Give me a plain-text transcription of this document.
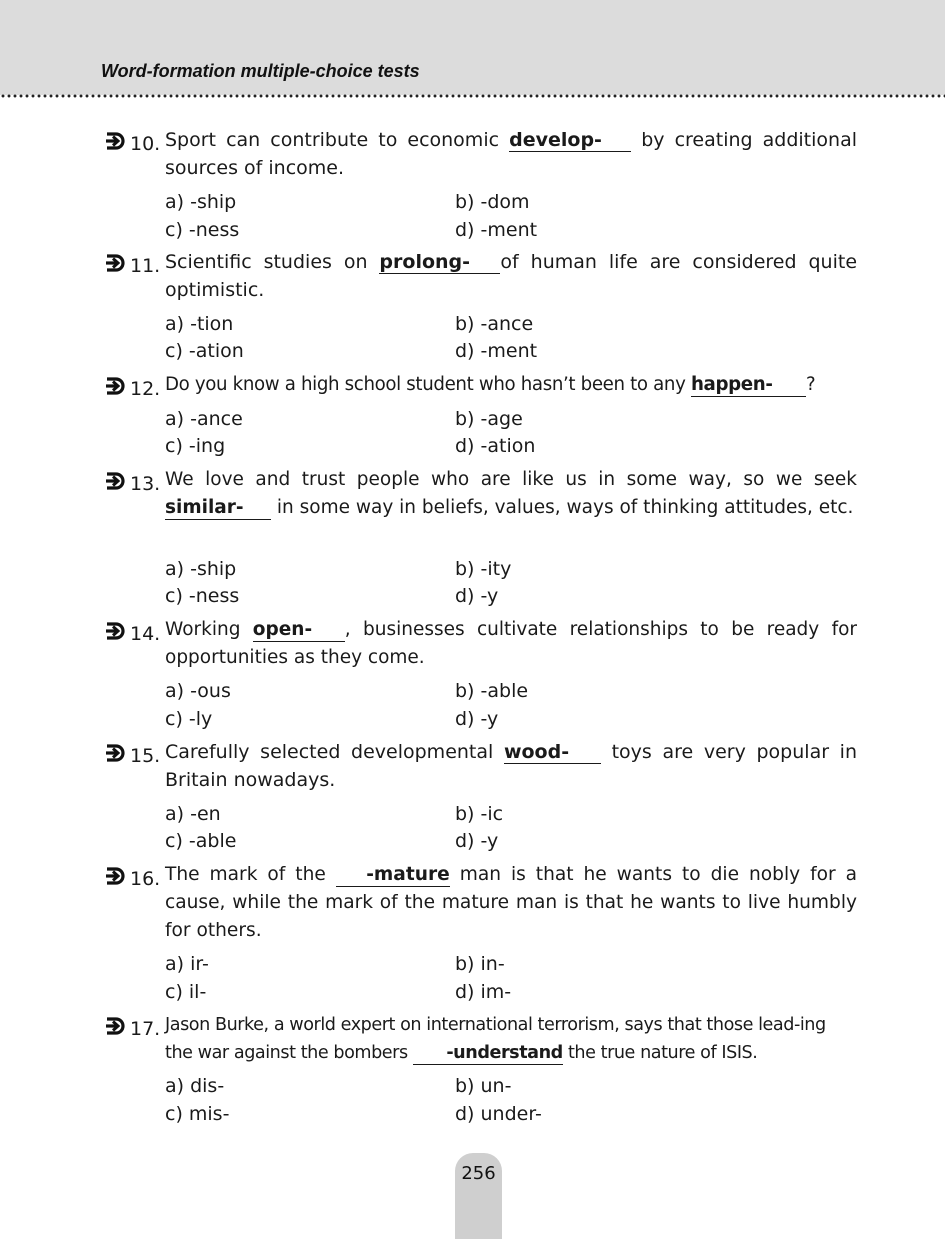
Word-formation multiple-choice tests
10. Sport can contribute to economic develop- by creating additional sources of income.
a) -ship	b) -dom
c) -ness	d) -ment
11. Scientific studies on prolong- of human life are considered quite optimistic.
a) -tion	b) -ance
c) -ation	d) -ment
12. Do you know a high school student who hasn’t been to any happen- ?
a) -ance	b) -age
c) -ing	d) -ation
13. We love and trust people who are like us in some way, so we seek similar- in some way in beliefs, values, ways of thinking attitudes, etc.
a) -ship	b) -ity
c) -ness	d) -y
14. Working open- , businesses cultivate relationships to be ready for opportunities as they come.
a) -ous	b) -able
c) -ly	d) -y
15. Carefully selected developmental wood- toys are very popular in Britain nowadays.
a) -en	b) -ic
c) -able	d) -y
16. The mark of the -mature man is that he wants to die nobly for a cause, while the mark of the mature man is that he wants to live humbly for others.
a) ir-	b) in-
c) il-	d) im-
17. Jason Burke, a world expert on international terrorism, says that those lead-ing the war against the bombers -understand the true nature of ISIS.
a) dis-	b) un-
c) mis-	d) under-
256
